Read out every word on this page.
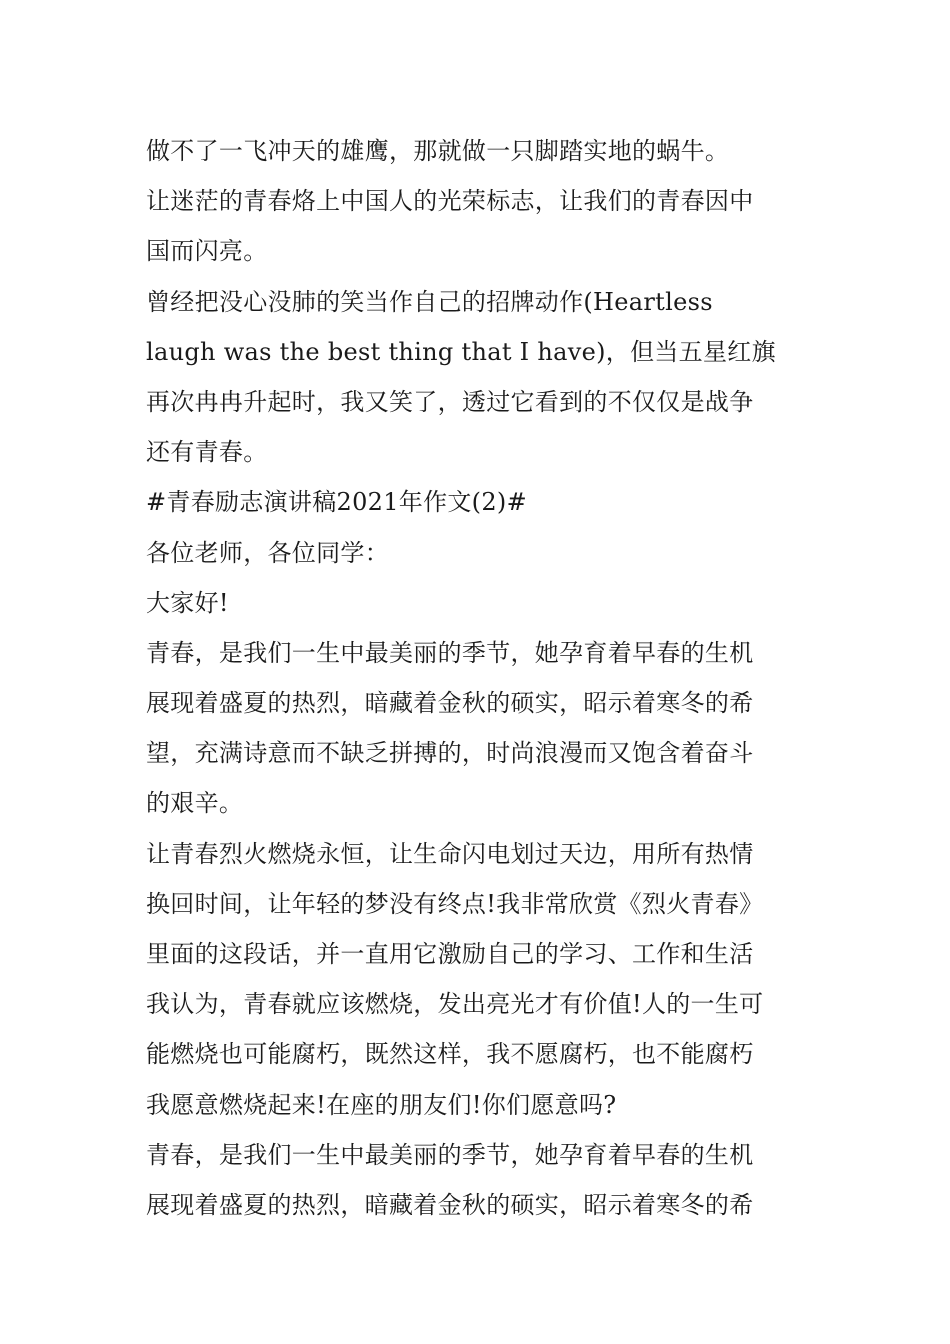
做不了一飞冲天的雄鹰，那就做一只脚踏实地的蜗牛。
让迷茫的青春烙上中国人的光荣标志，让我们的青春因中
国而闪亮。
曾经把没心没肺的笑当作自己的招牌动作(Heartless
laugh was the best thing that I have)，但当五星红旗
再次冉冉升起时，我又笑了，透过它看到的不仅仅是战争
还有青春。
#青春励志演讲稿2021年作文(2)#
各位老师，各位同学：
大家好!
青春，是我们一生中最美丽的季节，她孕育着早春的生机
展现着盛夏的热烈，暗藏着金秋的硕实，昭示着寒冬的希
望，充满诗意而不缺乏拼搏的，时尚浪漫而又饱含着奋斗
的艰辛。
让青春烈火燃烧永恒，让生命闪电划过天边，用所有热情
换回时间，让年轻的梦没有终点!我非常欣赏《烈火青春》
里面的这段话，并一直用它激励自己的学习、工作和生活
我认为，青春就应该燃烧，发出亮光才有价值!人的一生可
能燃烧也可能腐朽，既然这样，我不愿腐朽，也不能腐朽
我愿意燃烧起来!在座的朋友们!你们愿意吗?
青春，是我们一生中最美丽的季节，她孕育着早春的生机
展现着盛夏的热烈，暗藏着金秋的硕实，昭示着寒冬的希
